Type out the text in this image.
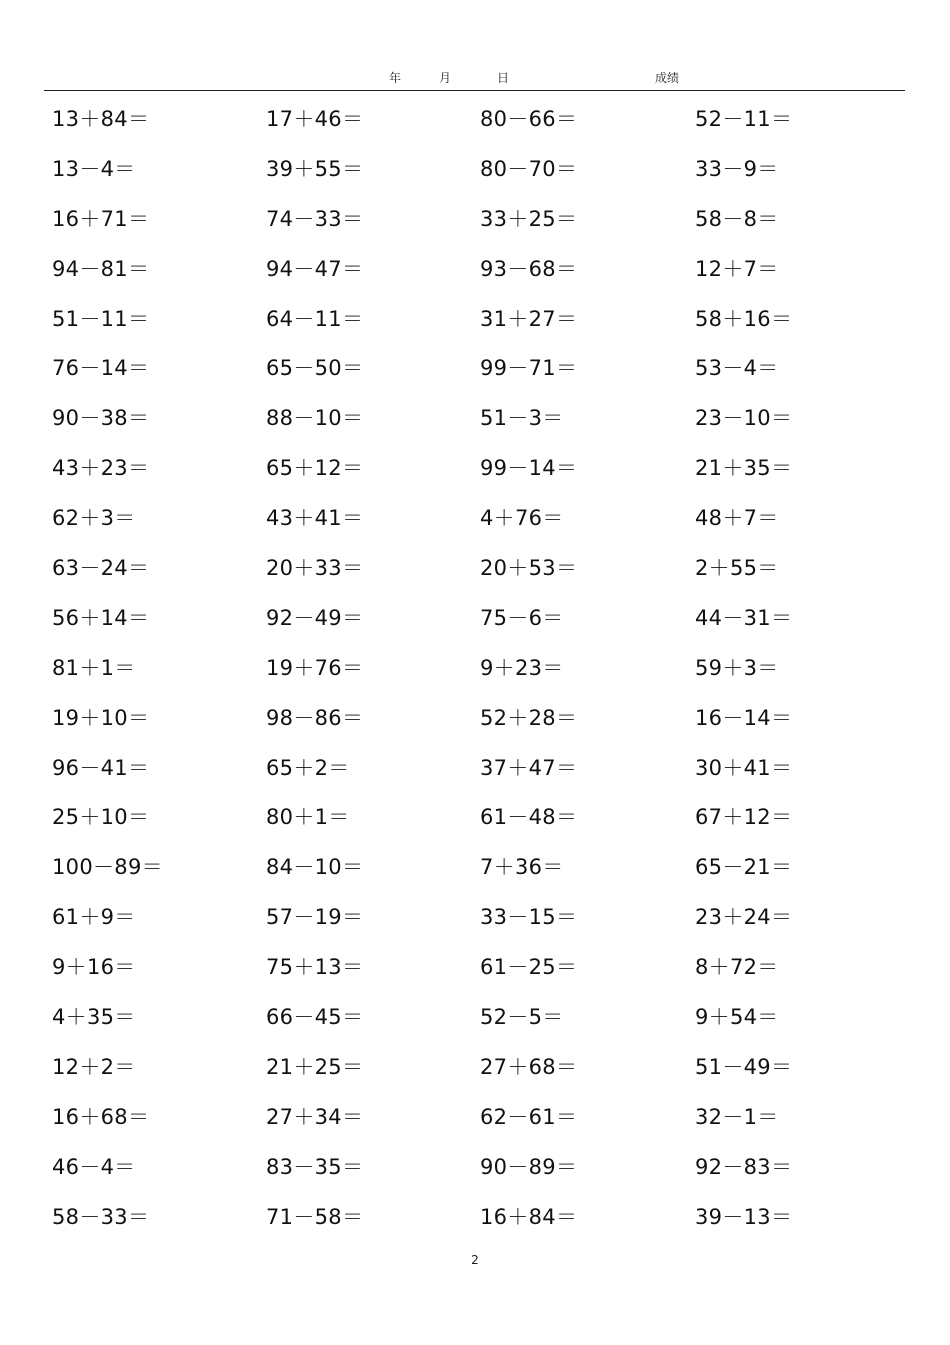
年	月	日	成绩
13＋84＝	17＋46＝	80－66＝	52－11＝
13－4＝	39＋55＝	80－70＝	33－9＝
16＋71＝	74－33＝	33＋25＝	58－8＝
94－81＝	94－47＝	93－68＝	12＋7＝
51－11＝	64－11＝	31＋27＝	58＋16＝
76－14＝	65－50＝	99－71＝	53－4＝
90－38＝	88－10＝	51－3＝	23－10＝
43＋23＝	65＋12＝	99－14＝	21＋35＝
62＋3＝	43＋41＝	4＋76＝	48＋7＝
63－24＝	20＋33＝	20＋53＝	2＋55＝
56＋14＝	92－49＝	75－6＝	44－31＝
81＋1＝	19＋76＝	9＋23＝	59＋3＝
19＋10＝	98－86＝	52＋28＝	16－14＝
96－41＝	65＋2＝	37＋47＝	30＋41＝
25＋10＝	80＋1＝	61－48＝	67＋12＝
100－89＝	84－10＝	7＋36＝	65－21＝
61＋9＝	57－19＝	33－15＝	23＋24＝
9＋16＝	75＋13＝	61－25＝	8＋72＝
4＋35＝	66－45＝	52－5＝	9＋54＝
12＋2＝	21＋25＝	27＋68＝	51－49＝
16＋68＝	27＋34＝	62－61＝	32－1＝
46－4＝	83－35＝	90－89＝	92－83＝
58－33＝	71－58＝	16＋84＝	39－13＝
2
